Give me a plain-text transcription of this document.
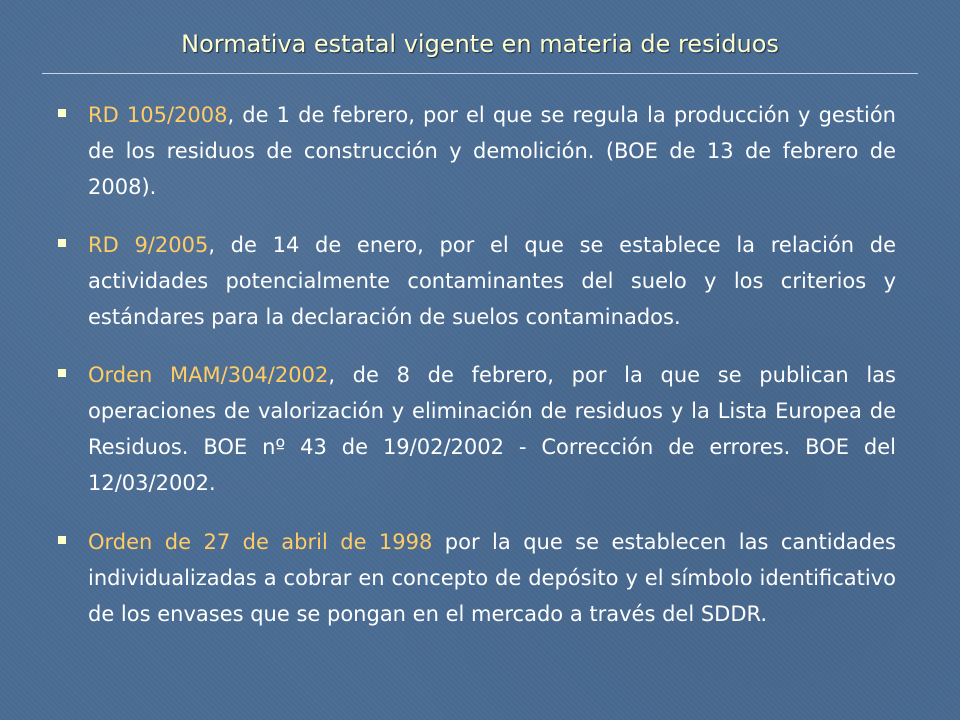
Normativa estatal vigente en materia de residuos
RD 105/2008, de 1 de febrero, por el que se regula la producción y gestión de los residuos de construcción y demolición. (BOE de 13 de febrero de 2008).
RD 9/2005, de 14 de enero, por el que se establece la relación de actividades potencialmente contaminantes del suelo y los criterios y estándares para la declaración de suelos contaminados.
Orden MAM/304/2002, de 8 de febrero, por la que se publican las operaciones de valorización y eliminación de residuos y la Lista Europea de Residuos. BOE nº 43 de 19/02/2002 - Corrección de errores. BOE del 12/03/2002.
Orden de 27 de abril de 1998 por la que se establecen las cantidades individualizadas a cobrar en concepto de depósito y el símbolo identificativo de los envases que se pongan en el mercado a través del SDDR.
